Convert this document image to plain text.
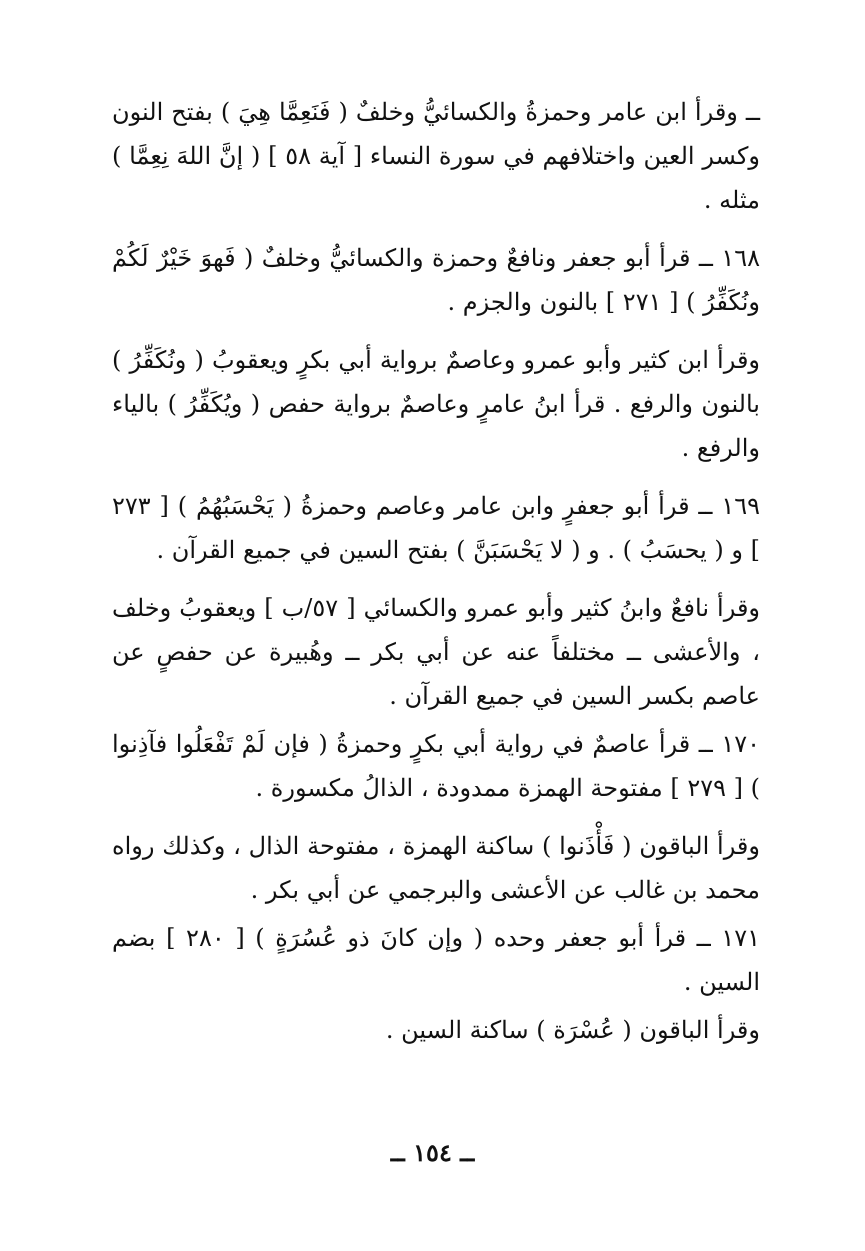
ــ وقرأ ابن عامر وحمزةُ والكسائيُّ وخلفٌ ( فَنَعِمَّا هِيَ ) بفتح النون وكسر العين واختلافهم في سورة النساء [ آية ٥٨ ] ( إنَّ اللهَ نِعِمَّا ) مثله .

١٦٨ ــ قرأ أبو جعفر ونافعٌ وحمزة والكسائيُّ وخلفٌ ( فَهوَ خَيْرٌ لَكُمْ ونُكَفِّرُ ) [ ٢٧١ ] بالنون والجزم .

وقرأ ابن كثير وأبو عمرو وعاصمٌ برواية أبي بكرٍ ويعقوبُ ( ونُكَفِّرُ ) بالنون والرفع . قرأ ابنُ عامرٍ وعاصمٌ برواية حفص ( ويُكَفِّرُ ) بالياء والرفع .

١٦٩ ــ قرأ أبو جعفرٍ وابن عامر وعاصم وحمزةُ ( يَحْسَبُهُمُ ) [ ٢٧٣ ] و ( يحسَبُ ) . و ( لا يَحْسَبَنَّ ) بفتح السين في جميع القرآن .

وقرأ نافعٌ وابنُ كثير وأبو عمرو والكسائي [ ٥٧/ب ] ويعقوبُ وخلف ، والأعشى ــ مختلفاً عنه عن أبي بكر ــ وهُبيرة عن حفصٍ عن عاصم بكسر السين في جميع القرآن .

١٧٠ ــ قرأ عاصمٌ في رواية أبي بكرٍ وحمزةُ ( فإن لَمْ تَفْعَلُوا فآذِنوا ) [ ٢٧٩ ] مفتوحة الهمزة ممدودة ، الذالُ مكسورة .

وقرأ الباقون ( فَأْذَنوا ) ساكنة الهمزة ، مفتوحة الذال ، وكذلك رواه محمد بن غالب عن الأعشى والبرجمي عن أبي بكر .

١٧١ ــ قرأ أبو جعفر وحده ( وإن كانَ ذو عُسُرَةٍ ) [ ٢٨٠ ] بضم السين .

وقرأ الباقون ( عُسْرَة ) ساكنة السين .

ــ ١٥٤ ــ
